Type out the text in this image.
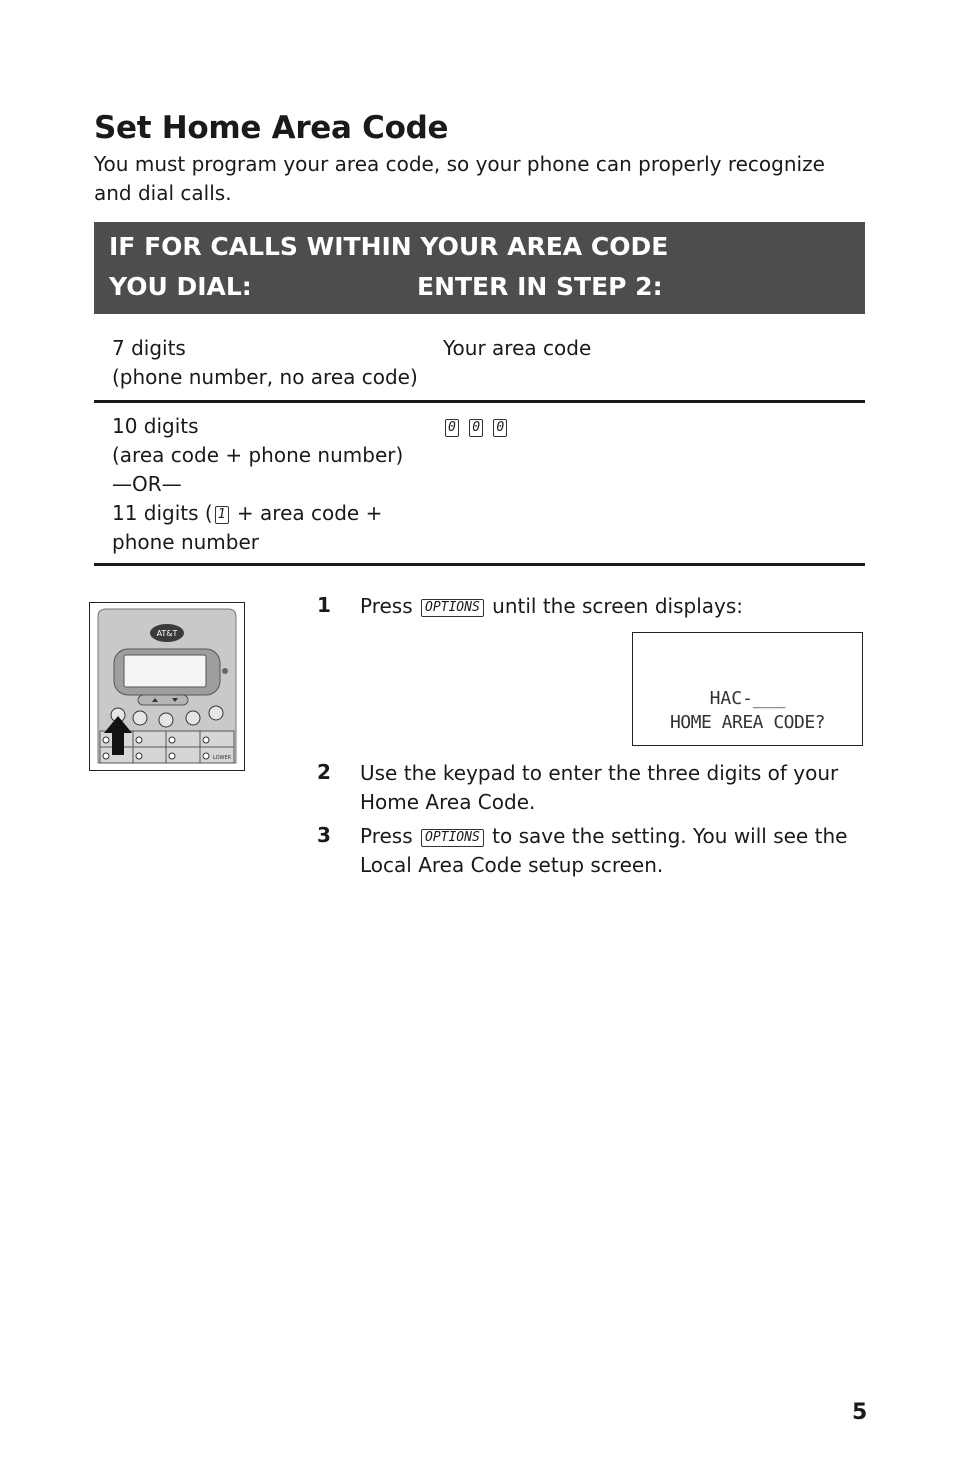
Set Home Area Code

You must program your area code, so your phone can properly recognize and dial calls.

IF FOR CALLS WITHIN YOUR AREA CODE
YOU DIAL:	ENTER IN STEP 2:
7 digits
(phone number, no area code)
Your area code
10 digits
(area code + phone number)
—OR—
11 digits ( 1 + area code +
phone number
0 0 0
AT&T
LOWER
1 Press OPTIONS until the screen displays:
HAC-___
HOME AREA CODE?
2 Use the keypad to enter the three digits of your Home Area Code.
3 Press OPTIONS to save the setting. You will see the Local Area Code setup screen.
5
